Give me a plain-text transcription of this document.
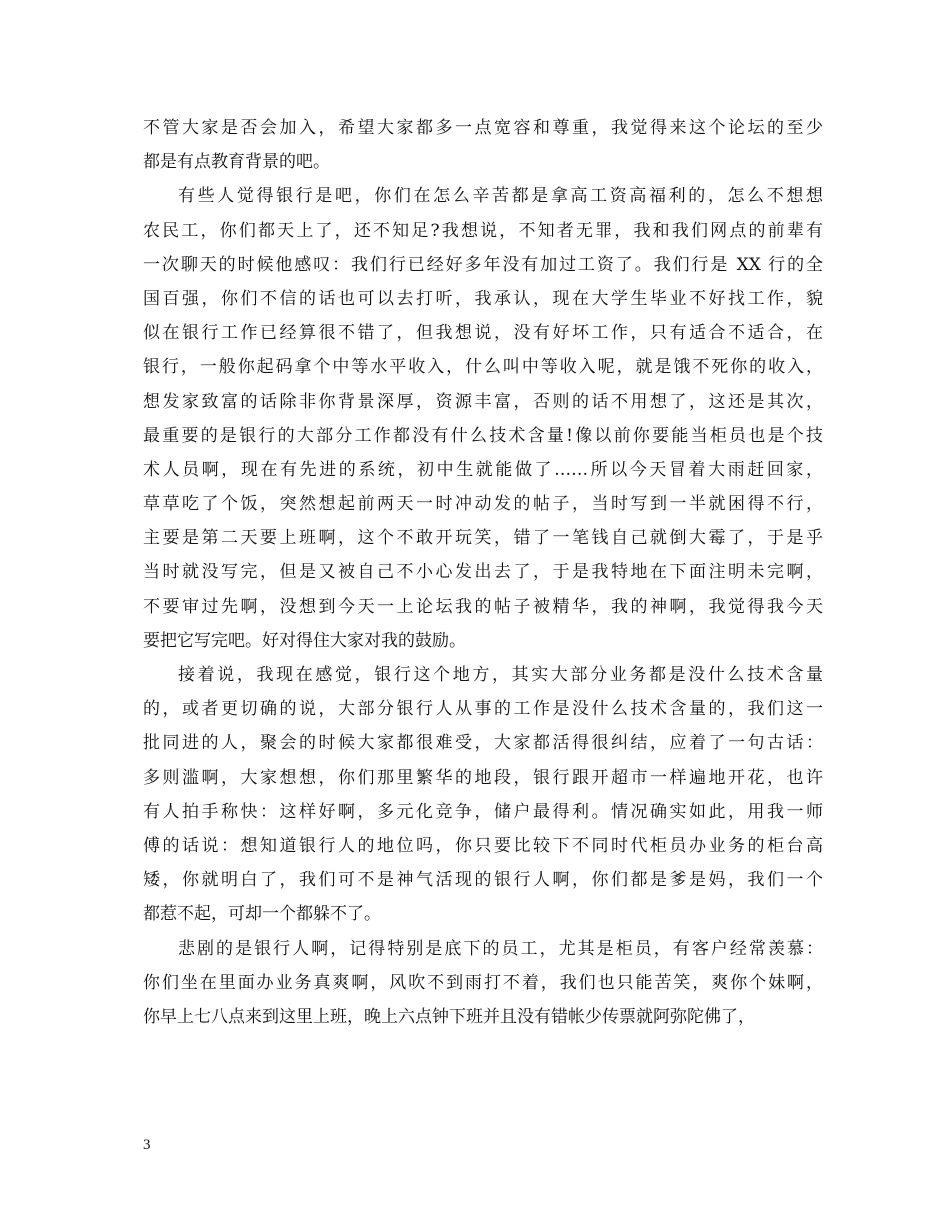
不管大家是否会加入，希望大家都多一点宽容和尊重，我觉得来这个论坛的至少
都是有点教育背景的吧。
有些人觉得银行是吧，你们在怎么辛苦都是拿高工资高福利的，怎么不想想
农民工，你们都天上了，还不知足?我想说，不知者无罪，我和我们网点的前辈有
一次聊天的时候他感叹：我们行已经好多年没有加过工资了。我们行是 XX 行的全
国百强，你们不信的话也可以去打听，我承认，现在大学生毕业不好找工作，貌
似在银行工作已经算很不错了，但我想说，没有好坏工作，只有适合不适合，在
银行，一般你起码拿个中等水平收入，什么叫中等收入呢，就是饿不死你的收入，
想发家致富的话除非你背景深厚，资源丰富，否则的话不用想了，这还是其次，
最重要的是银行的大部分工作都没有什么技术含量!像以前你要能当柜员也是个技
术人员啊，现在有先进的系统，初中生就能做了……所以今天冒着大雨赶回家，
草草吃了个饭，突然想起前两天一时冲动发的帖子，当时写到一半就困得不行，
主要是第二天要上班啊，这个不敢开玩笑，错了一笔钱自己就倒大霉了，于是乎
当时就没写完，但是又被自己不小心发出去了，于是我特地在下面注明未完啊，
不要审过先啊，没想到今天一上论坛我的帖子被精华，我的神啊，我觉得我今天
要把它写完吧。好对得住大家对我的鼓励。
接着说，我现在感觉，银行这个地方，其实大部分业务都是没什么技术含量
的，或者更切确的说，大部分银行人从事的工作是没什么技术含量的，我们这一
批同进的人，聚会的时候大家都很难受，大家都活得很纠结，应着了一句古话：
多则滥啊，大家想想，你们那里繁华的地段，银行跟开超市一样遍地开花，也许
有人拍手称快：这样好啊，多元化竞争，储户最得利。情况确实如此，用我一师
傅的话说：想知道银行人的地位吗，你只要比较下不同时代柜员办业务的柜台高
矮，你就明白了，我们可不是神气活现的银行人啊，你们都是爹是妈，我们一个
都惹不起，可却一个都躲不了。
悲剧的是银行人啊，记得特别是底下的员工，尤其是柜员，有客户经常羡慕：
你们坐在里面办业务真爽啊，风吹不到雨打不着，我们也只能苦笑，爽你个妹啊，
你早上七八点来到这里上班，晚上六点钟下班并且没有错帐少传票就阿弥陀佛了，
3
